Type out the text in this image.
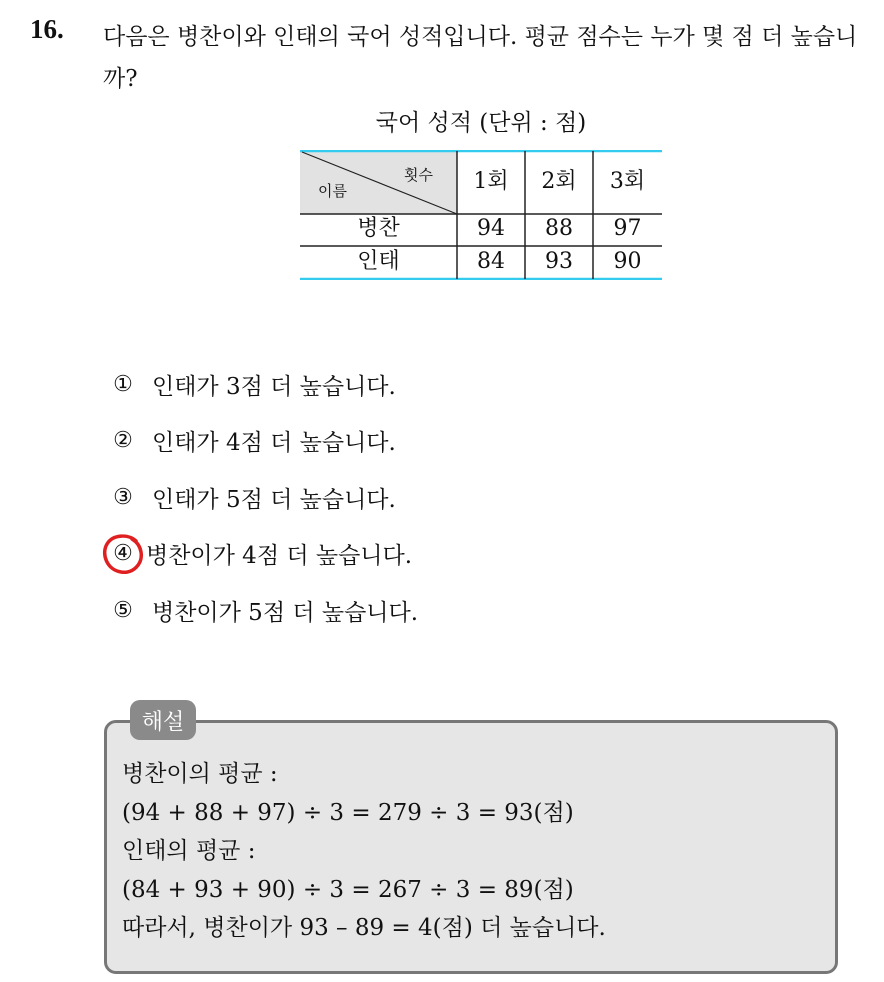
16. 다음은 병찬이와 인태의 국어 성적입니다. 평균 점수는 누가 몇 점 더 높습니까?
국어 성적 (단위 : 점)
횟수
이름	1회	2회	3회
병찬	94	88	97
인태	84	93	90
① 인태가 3점 더 높습니다.
② 인태가 4점 더 높습니다.
③ 인태가 5점 더 높습니다.
④ 병찬이가 4점 더 높습니다.
⑤ 병찬이가 5점 더 높습니다.
해설
병찬이의 평균 :
(94 + 88 + 97) ÷ 3 = 279 ÷ 3 = 93(점)
인태의 평균 :
(84 + 93 + 90) ÷ 3 = 267 ÷ 3 = 89(점)
따라서, 병찬이가 93 – 89 = 4(점) 더 높습니다.
